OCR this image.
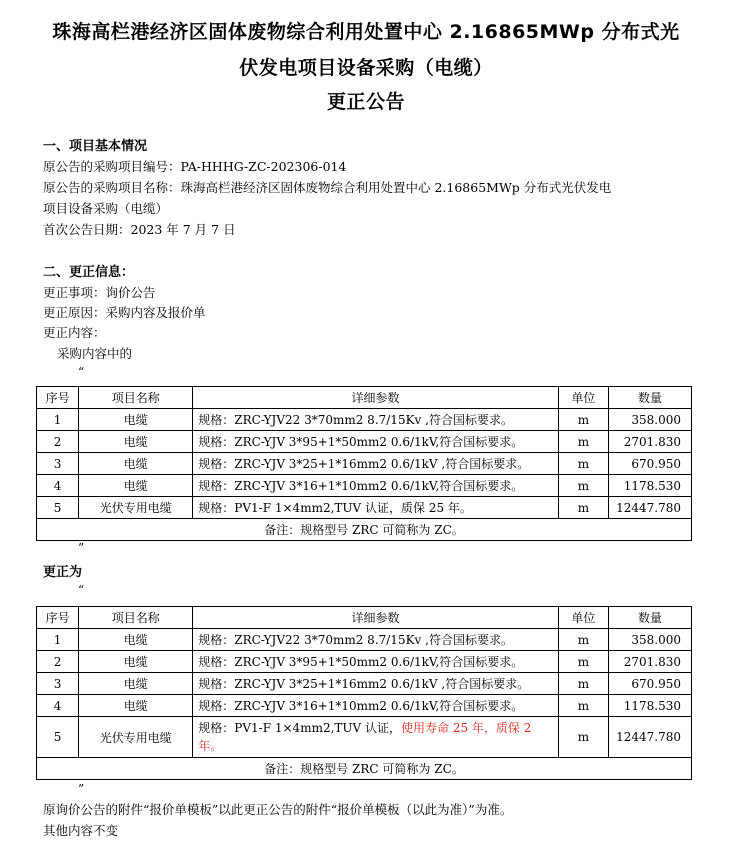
珠海高栏港经济区固体废物综合利用处置中心 2.16865MWp 分布式光
伏发电项目设备采购（电缆）
更正公告
一、项目基本情况
原公告的采购项目编号：PA-HHHG-ZC-202306-014
原公告的采购项目名称：珠海高栏港经济区固体废物综合利用处置中心 2.16865MWp 分布式光伏发电
项目设备采购（电缆）
首次公告日期：2023 年 7 月 7 日
二、更正信息：
更正事项：询价公告
更正原因：采购内容及报价单
更正内容：
采购内容中的
“
序号	项目名称	详细参数	单位	数量
1	电缆	规格：ZRC-YJV22 3*70mm2 8.7/15Kv ,符合国标要求。	m	358.000
2	电缆	规格：ZRC-YJV 3*95+1*50mm2 0.6/1kV,符合国标要求。	m	2701.830
3	电缆	规格：ZRC-YJV 3*25+1*16mm2 0.6/1kV ,符合国标要求。	m	670.950
4	电缆	规格：ZRC-YJV 3*16+1*10mm2 0.6/1kV,符合国标要求。	m	1178.530
5	光伏专用电缆	规格：PV1-F 1×4mm2,TUV 认证，质保 25 年。	m	12447.780
备注：规格型号 ZRC 可简称为 ZC。				
”
更正为
“
序号	项目名称	详细参数	单位	数量
1	电缆	规格：ZRC-YJV22 3*70mm2 8.7/15Kv ,符合国标要求。	m	358.000
2	电缆	规格：ZRC-YJV 3*95+1*50mm2 0.6/1kV,符合国标要求。	m	2701.830
3	电缆	规格：ZRC-YJV 3*25+1*16mm2 0.6/1kV ,符合国标要求。	m	670.950
4	电缆	规格：ZRC-YJV 3*16+1*10mm2 0.6/1kV,符合国标要求。	m	1178.530
5	光伏专用电缆	规格：PV1-F 1×4mm2,TUV 认证，使用寿命 25 年，质保 2 年。	m	12447.780
备注：规格型号 ZRC 可简称为 ZC。				
”
原询价公告的附件“报价单模板”以此更正公告的附件“报价单模板（以此为准）”为准。
其他内容不变
